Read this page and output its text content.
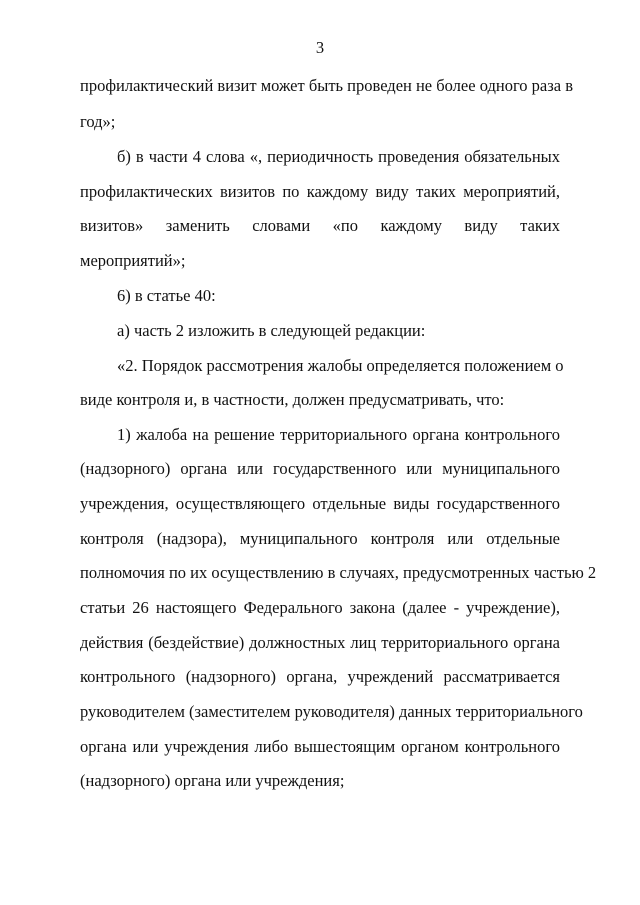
3
профилактический визит может быть проведен не более одного раза в
год»;
б) в части 4 слова «, периодичность проведения обязательных
профилактических визитов по каждому виду таких мероприятий,
визитов» заменить словами «по каждому виду таких
мероприятий»;
6) в статье 40:
а) часть 2 изложить в следующей редакции:
«2. Порядок рассмотрения жалобы определяется положением о
виде контроля и, в частности, должен предусматривать, что:
1) жалоба на решение территориального органа контрольного
(надзорного) органа или государственного или муниципального
учреждения, осуществляющего отдельные виды государственного
контроля (надзора), муниципального контроля или отдельные
полномочия по их осуществлению в случаях, предусмотренных частью 2
статьи 26 настоящего Федерального закона (далее - учреждение),
действия (бездействие) должностных лиц территориального органа
контрольного (надзорного) органа, учреждений рассматривается
руководителем (заместителем руководителя) данных территориального
органа или учреждения либо вышестоящим органом контрольного
(надзорного) органа или учреждения;
